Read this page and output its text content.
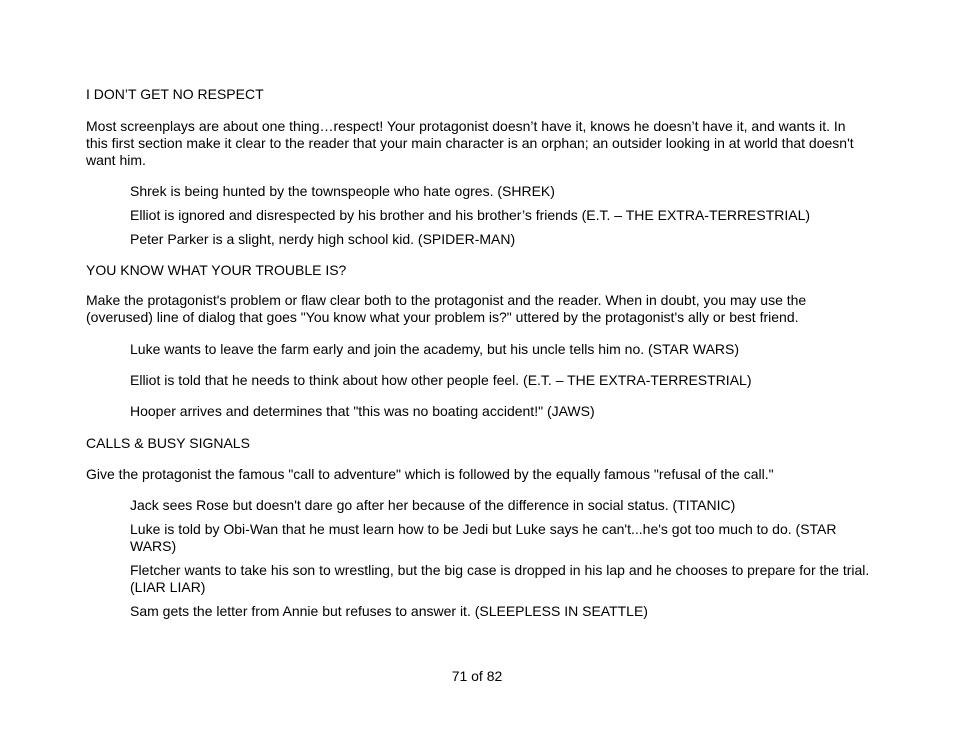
I DON’T GET NO RESPECT

Most screenplays are about one thing…respect! Your protagonist doesn’t have it, knows he doesn’t have it, and wants it. In this first section make it clear to the reader that your main character is an orphan; an outsider looking in at world that doesn't want him.

Shrek is being hunted by the townspeople who hate ogres. (SHREK)

Elliot is ignored and disrespected by his brother and his brother’s friends (E.T. – THE EXTRA-TERRESTRIAL)

Peter Parker is a slight, nerdy high school kid. (SPIDER-MAN)

YOU KNOW WHAT YOUR TROUBLE IS?

Make the protagonist's problem or flaw clear both to the protagonist and the reader. When in doubt, you may use the (overused) line of dialog that goes "You know what your problem is?" uttered by the protagonist's ally or best friend.

Luke wants to leave the farm early and join the academy, but his uncle tells him no. (STAR WARS)

Elliot is told that he needs to think about how other people feel. (E.T. – THE EXTRA-TERRESTRIAL)

Hooper arrives and determines that "this was no boating accident!" (JAWS)

CALLS & BUSY SIGNALS

Give the protagonist the famous "call to adventure" which is followed by the equally famous "refusal of the call."

Jack sees Rose but doesn't dare go after her because of the difference in social status. (TITANIC)

Luke is told by Obi-Wan that he must learn how to be Jedi but Luke says he can't...he's got too much to do. (STAR WARS)

Fletcher wants to take his son to wrestling, but the big case is dropped in his lap and he chooses to prepare for the trial. (LIAR LIAR)

Sam gets the letter from Annie but refuses to answer it. (SLEEPLESS IN SEATTLE)

71 of 82
